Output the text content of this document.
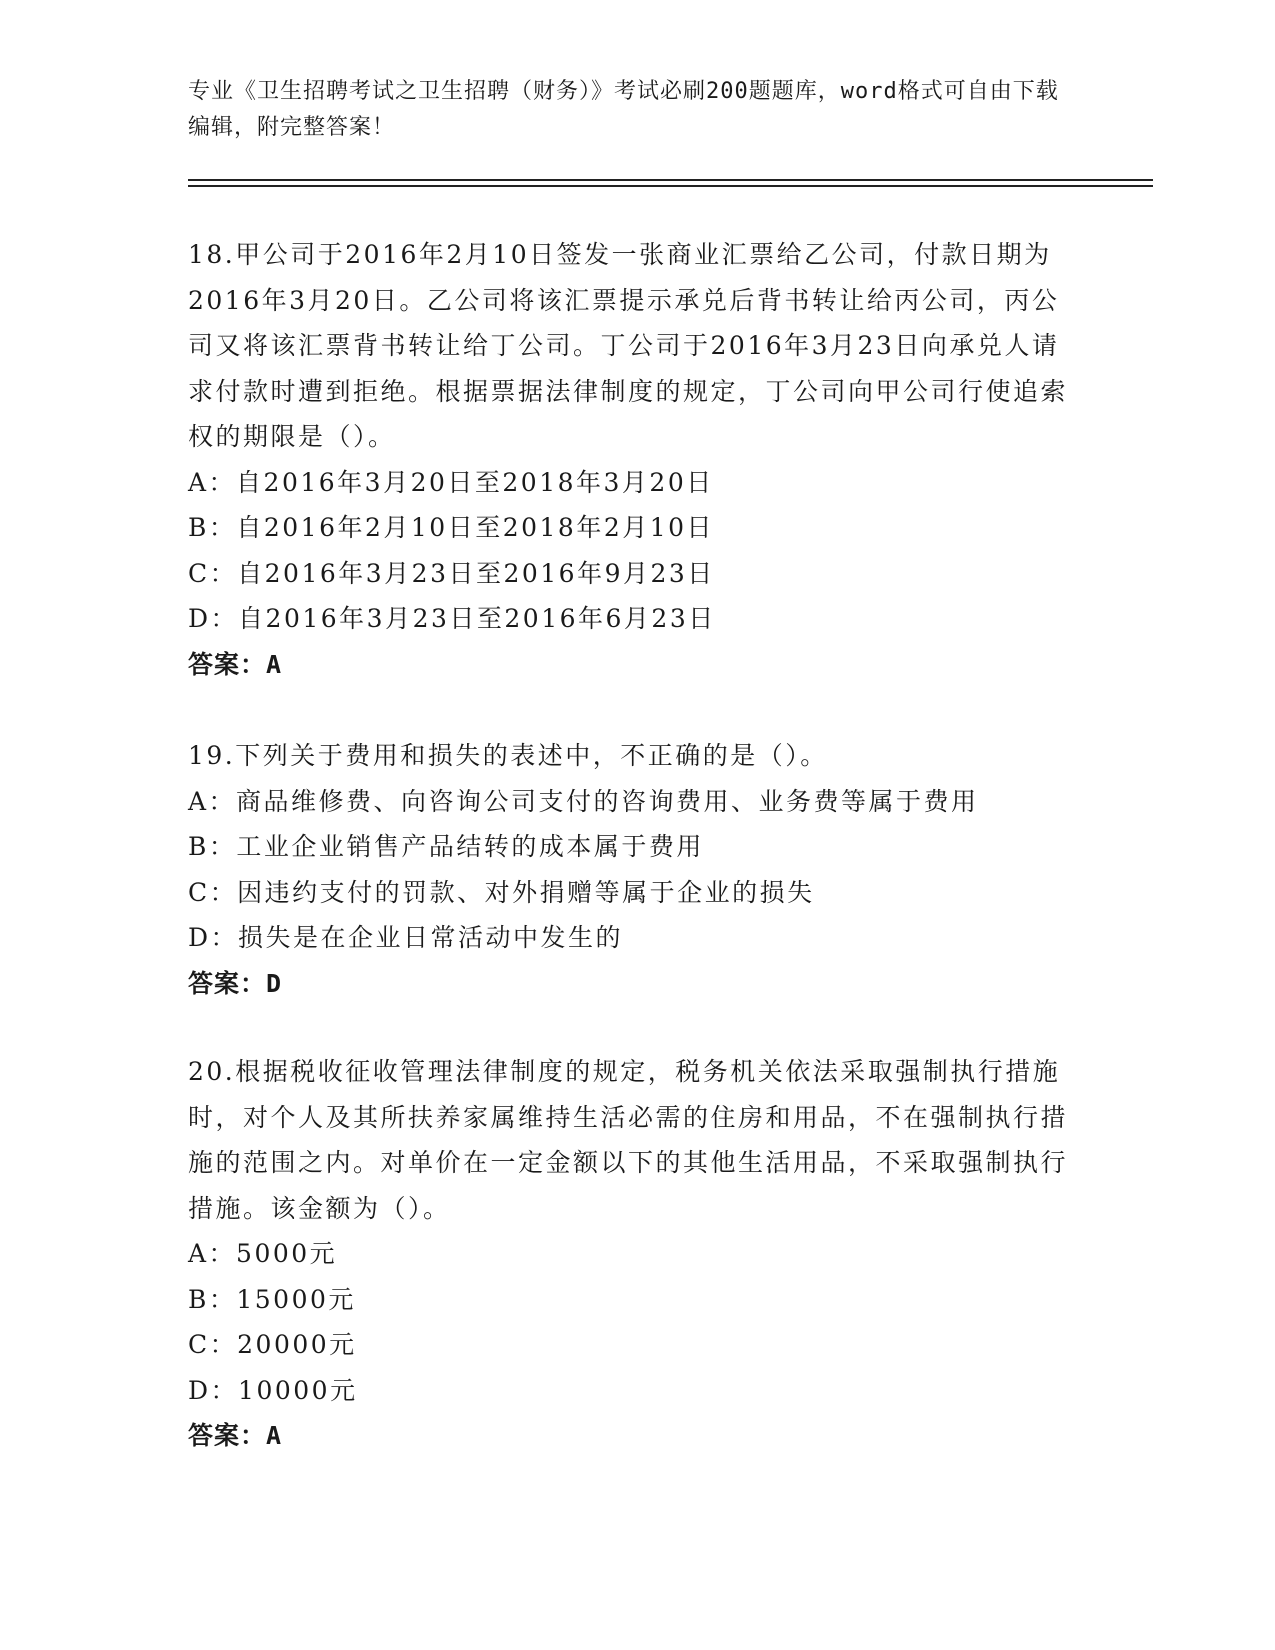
专业《卫生招聘考试之卫生招聘（财务）》考试必刷200题题库，word格式可自由下载编辑，附完整答案！

18.甲公司于2016年2月10日签发一张商业汇票给乙公司，付款日期为2016年3月20日。乙公司将该汇票提示承兑后背书转让给丙公司，丙公司又将该汇票背书转让给丁公司。丁公司于2016年3月23日向承兑人请求付款时遭到拒绝。根据票据法律制度的规定，丁公司向甲公司行使追索权的期限是（）。

A：自2016年3月20日至2018年3月20日

B：自2016年2月10日至2018年2月10日

C：自2016年3月23日至2016年9月23日

D：自2016年3月23日至2016年6月23日

答案：A

19.下列关于费用和损失的表述中，不正确的是（）。

A：商品维修费、向咨询公司支付的咨询费用、业务费等属于费用

B：工业企业销售产品结转的成本属于费用

C：因违约支付的罚款、对外捐赠等属于企业的损失

D：损失是在企业日常活动中发生的

答案：D

20.根据税收征收管理法律制度的规定，税务机关依法采取强制执行措施时，对个人及其所扶养家属维持生活必需的住房和用品，不在强制执行措施的范围之内。对单价在一定金额以下的其他生活用品，不采取强制执行措施。该金额为（）。

A：5000元

B：15000元

C：20000元

D：10000元

答案：A
